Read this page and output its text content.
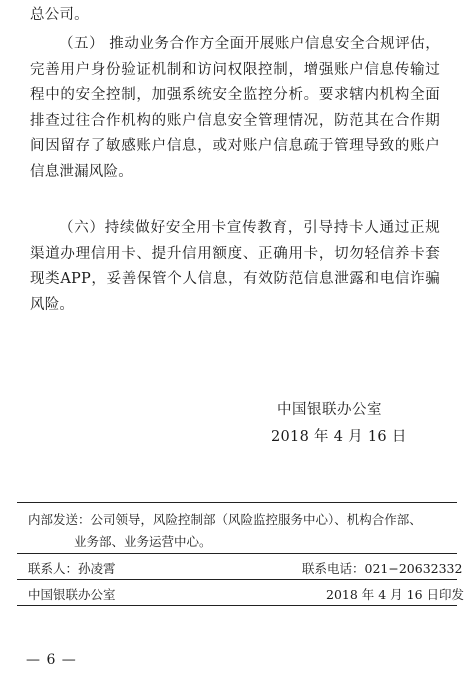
总公司。

（五） 推动业务合作方全面开展账户信息安全合规评估，完善用户身份验证机制和访问权限控制，增强账户信息传输过程中的安全控制，加强系统安全监控分析。要求辖内机构全面排查过往合作机构的账户信息安全管理情况，防范其在合作期间因留存了敏感账户信息，或对账户信息疏于管理导致的账户信息泄漏风险。

（六）持续做好安全用卡宣传教育，引导持卡人通过正规渠道办理信用卡、提升信用额度、正确用卡，切勿轻信养卡套现类APP，妥善保管个人信息，有效防范信息泄露和电信诈骗风险。

中国银联办公室

2018 年 4 月 16 日

内部发送：公司领导，风险控制部（风险监控服务中心）、机构合作部、

业务部、业务运营中心。

联系人：孙凌霄	联系电话：021−20632332

中国银联办公室	2018 年 4 月 16 日印发

— 6 —
